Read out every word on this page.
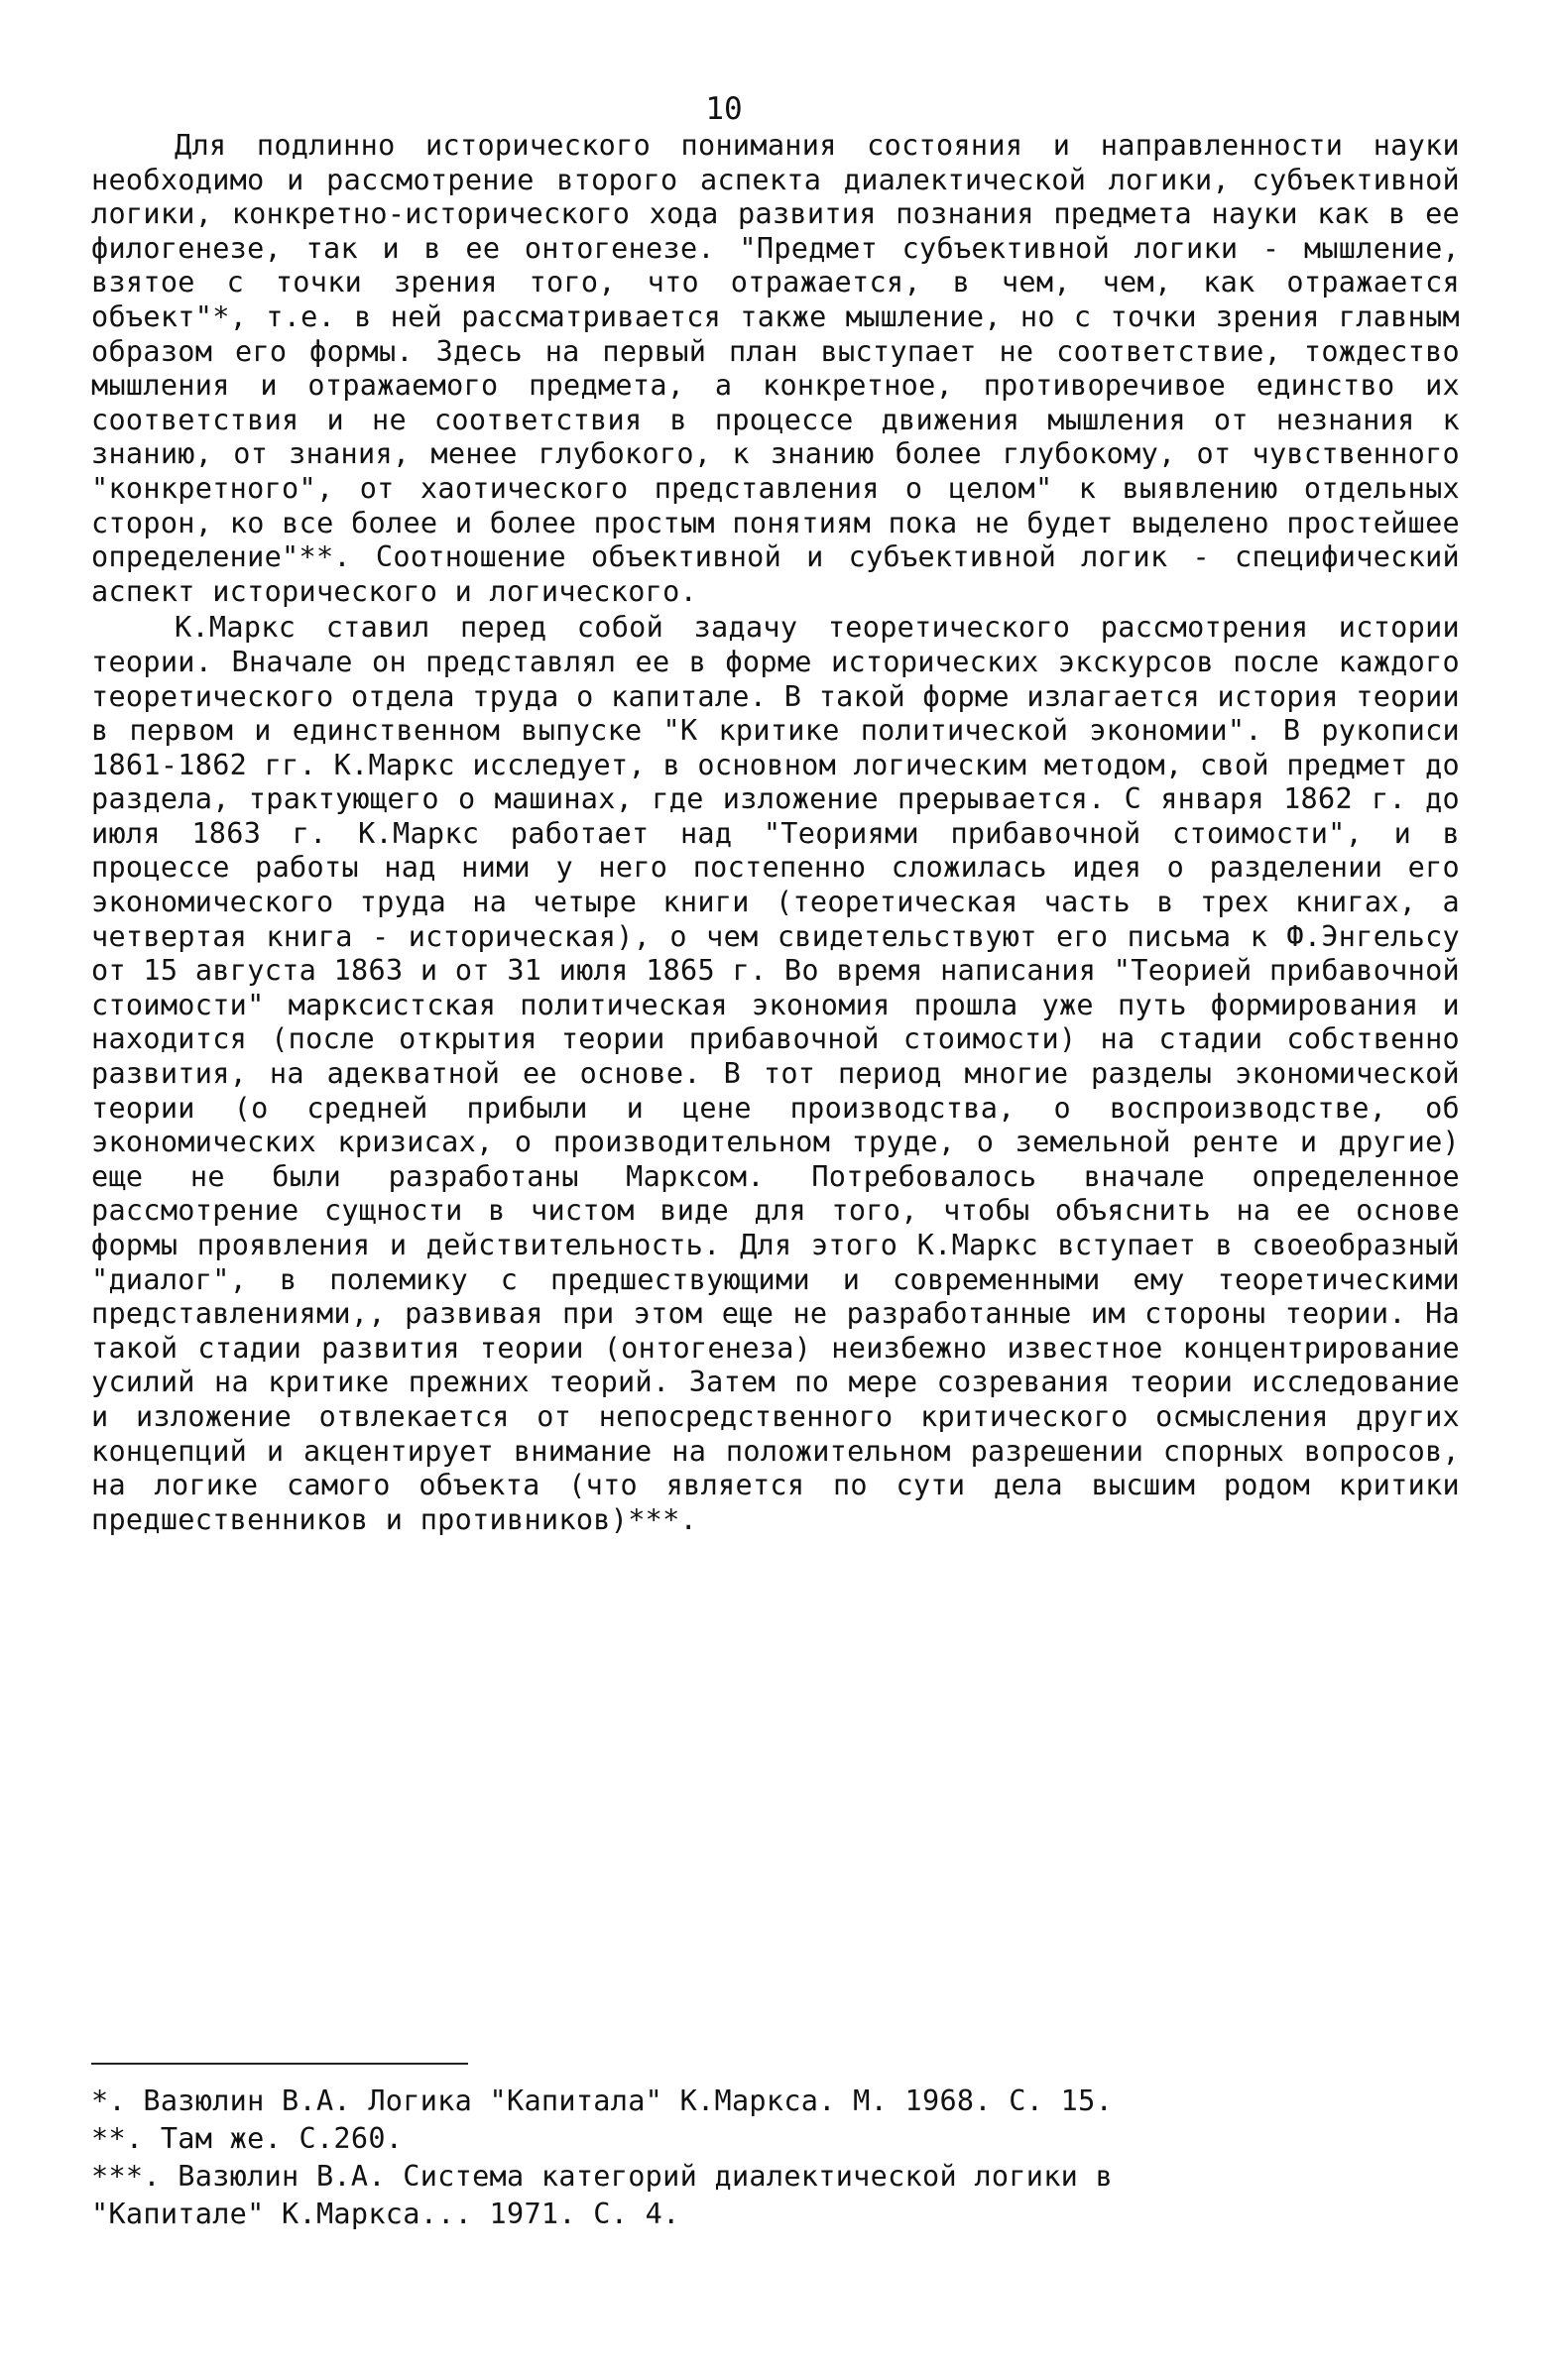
10

Для подлинно исторического понимания состояния и направленности науки необходимо и рассмотрение второго аспекта диалектической логики, субъективной логики, конкретно-исторического хода развития познания предмета науки как в ее филогенезе, так и в ее онтогенезе. "Предмет субъективной логики - мышление, взятое с точки зрения того, что отражается, в чем, чем, как отражается объект"*, т.е. в ней рассматривается также мышление, но с точки зрения главным образом его формы. Здесь на первый план выступает не соответствие, тождество мышления и отражаемого предмета, а конкретное, противоречивое единство их соответствия и не соответствия в процессе движения мышления от незнания к знанию, от знания, менее глубокого, к знанию более глубокому, от чувственного "конкретного", от хаотического представления о целом" к выявлению отдельных сторон, ко все более и более простым понятиям пока не будет выделено простейшее определение"**. Соотношение объективной и субъективной логик - специфический аспект исторического и логического.

К.Маркс ставил перед собой задачу теоретического рассмотрения истории теории. Вначале он представлял ее в форме исторических экскурсов после каждого теоретического отдела труда о капитале. В такой форме излагается история теории в первом и единственном выпуске "К критике политической экономии". В рукописи 1861-1862 гг. К.Маркс исследует, в основном логическим методом, свой предмет до раздела, трактующего о машинах, где изложение прерывается. С января 1862 г. до июля 1863 г. К.Маркс работает над "Теориями прибавочной стоимости", и в процессе работы над ними у него постепенно сложилась идея о разделении его экономического труда на четыре книги (теоретическая часть в трех книгах, а четвертая книга - историческая), о чем свидетельствуют его письма к Ф.Энгельсу от 15 августа 1863 и от 31 июля 1865 г. Во время написания "Теорией прибавочной стоимости" марксистская политическая экономия прошла уже путь формирования и находится (после открытия теории прибавочной стоимости) на стадии собственно развития, на адекватной ее основе. В тот период многие разделы экономической теории (о средней прибыли и цене производства, о воспроизводстве, об экономических кризисах, о производительном труде, о земельной ренте и другие) еще не были разработаны Марксом. Потребовалось вначале определенное рассмотрение сущности в чистом виде для того, чтобы объяснить на ее основе формы проявления и действительность. Для этого К.Маркс вступает в своеобразный "диалог", в полемику с предшествующими и современными ему теоретическими представлениями,, развивая при этом еще не разработанные им стороны теории. На такой стадии развития теории (онтогенеза) неизбежно известное концентрирование усилий на критике прежних теорий. Затем по мере созревания теории исследование и изложение отвлекается от непосредственного критического осмысления других концепций и акцентирует внимание на положительном разрешении спорных вопросов, на логике самого объекта (что является по сути дела высшим родом критики предшественников и противников)***.

*. Вазюлин В.А. Логика "Капитала" К.Маркса. М. 1968. С. 15.

**. Там же. С.260.

***. Вазюлин В.А. Система категорий диалектической логики в

"Капитале" К.Маркса... 1971. С. 4.
